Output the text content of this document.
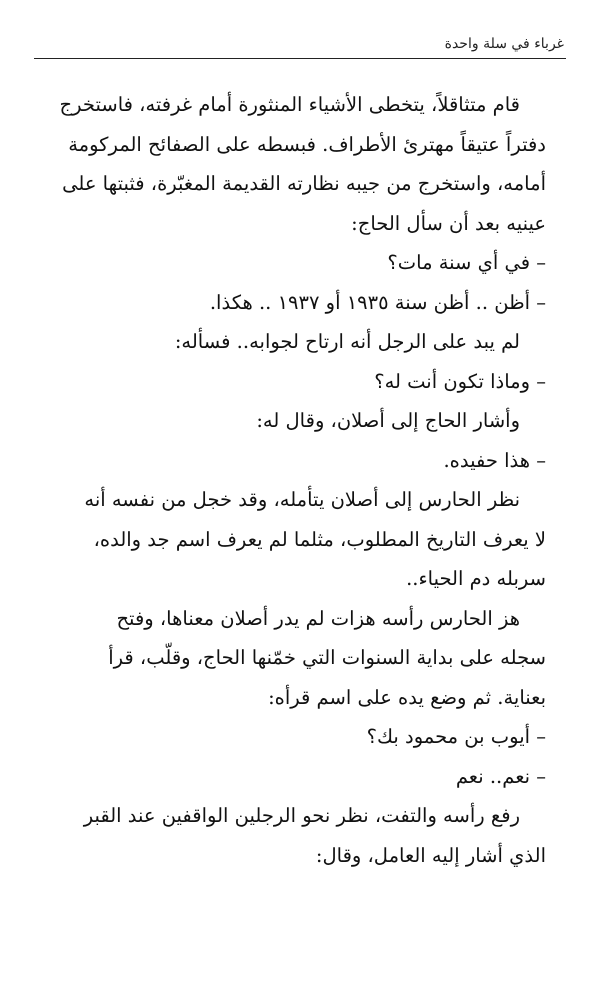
غرباء في سلة واحدة
قام متثاقلاً، يتخطى الأشياء المنثورة أمام غرفته، فاستخرج
دفتراً عتيقاً مهترئ الأطراف. فبسطه على الصفائح المركومة
أمامه، واستخرج من جيبه نظارته القديمة المغبّرة، فثبتها على
عينيه بعد أن سأل الحاج:
– في أي سنة مات؟
– أظن .. أظن سنة ١٩٣٥ أو ١٩٣٧ .. هكذا.
لم يبد على الرجل أنه ارتاح لجوابه.. فسأله:
– وماذا تكون أنت له؟
وأشار الحاج إلى أصلان، وقال له:
– هذا حفيده.
نظر الحارس إلى أصلان يتأمله، وقد خجل من نفسه أنه
لا يعرف التاريخ المطلوب، مثلما لم يعرف اسم جد والده،
سربله دم الحياء..
هز الحارس رأسه هزات لم يدر أصلان معناها، وفتح
سجله على بداية السنوات التي خمّنها الحاج، وقلّب، قرأ
بعناية. ثم وضع يده على اسم قرأه:
– أيوب بن محمود بك؟
– نعم.. نعم
رفع رأسه والتفت، نظر نحو الرجلين الواقفين عند القبر
الذي أشار إليه العامل، وقال:
